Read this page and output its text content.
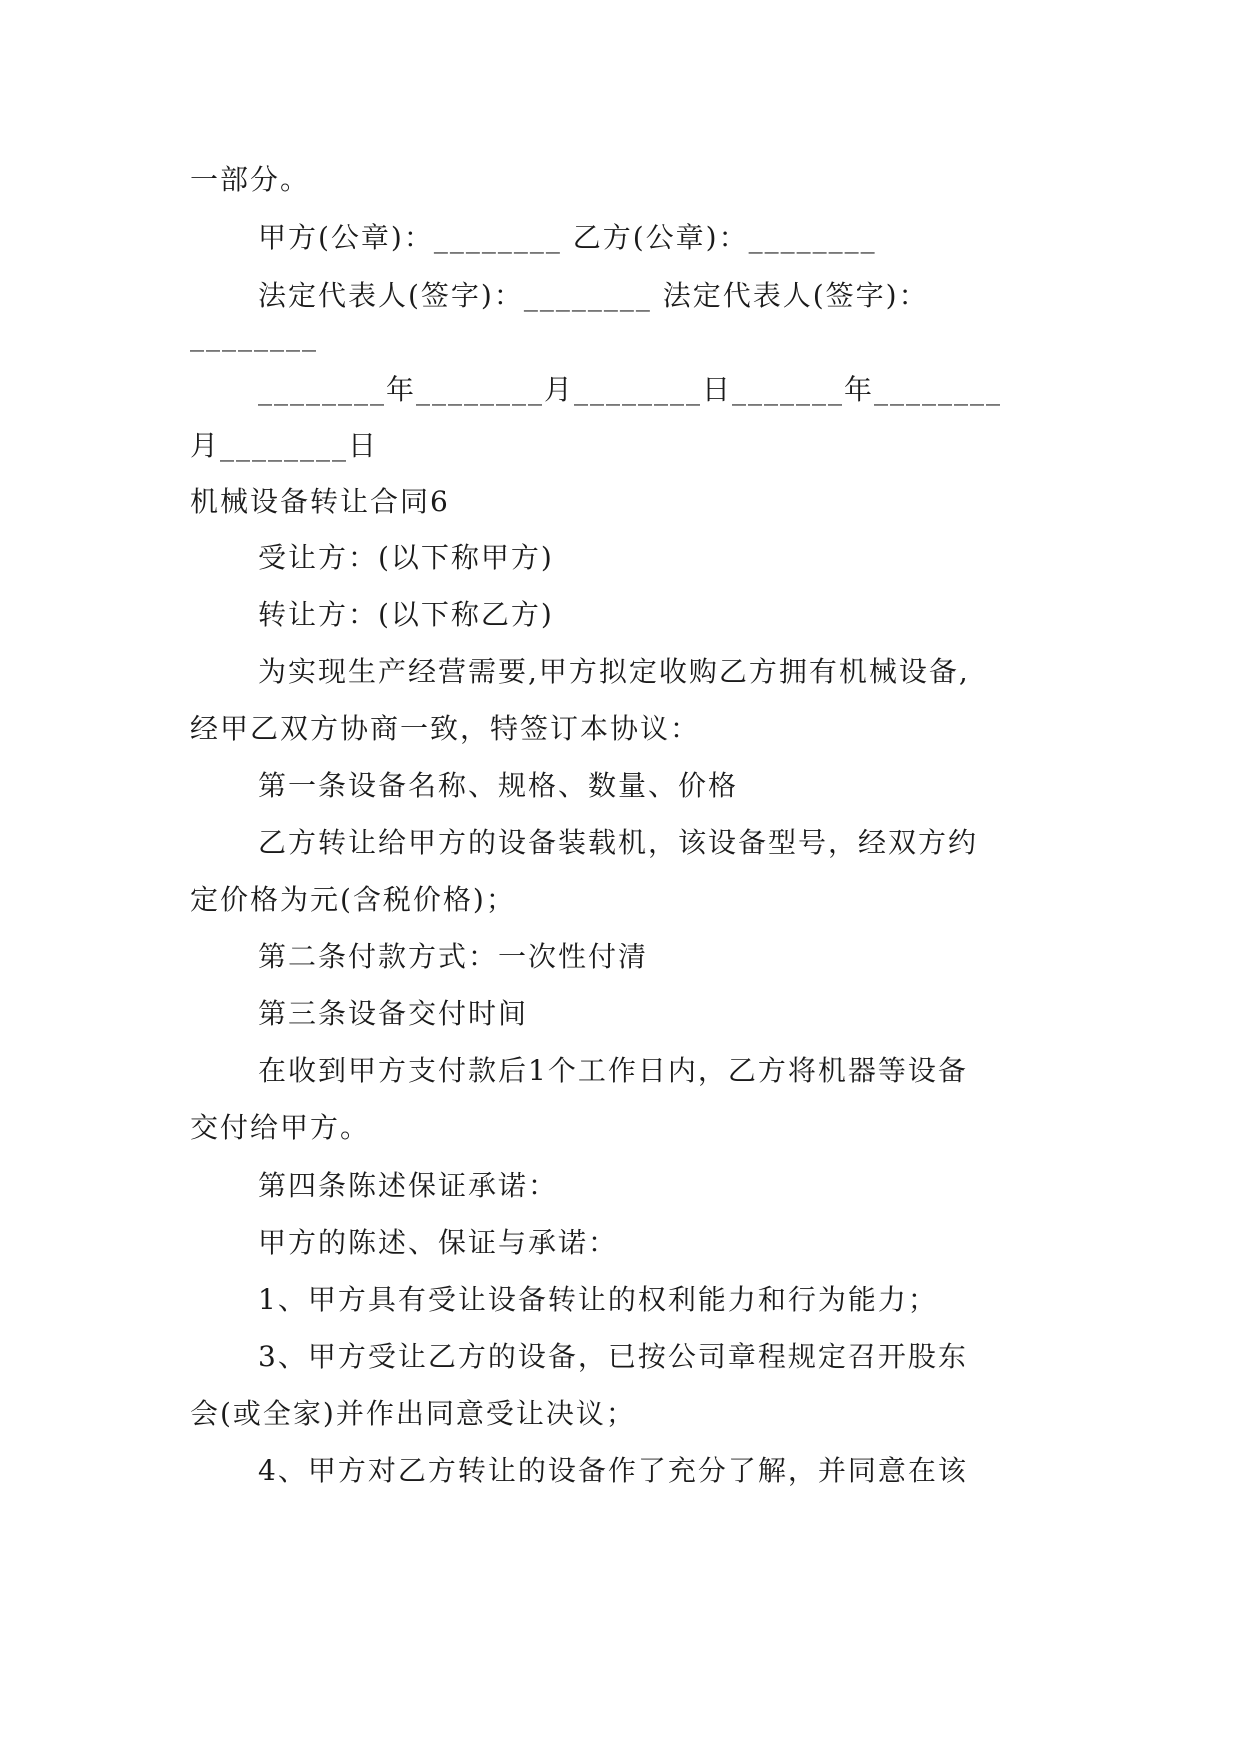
一部分。
甲方(公章)：________ 乙方(公章)：________
法定代表人(签字)：________ 法定代表人(签字)：
________
________年________月________日_______年________
月________日
机械设备转让合同6
受让方：(以下称甲方)
转让方：(以下称乙方)
为实现生产经营需要,甲方拟定收购乙方拥有机械设备,
经甲乙双方协商一致，特签订本协议：
第一条设备名称、规格、数量、价格
乙方转让给甲方的设备装载机，该设备型号，经双方约
定价格为元(含税价格)；
第二条付款方式：一次性付清
第三条设备交付时间
在收到甲方支付款后1个工作日内，乙方将机器等设备
交付给甲方。
第四条陈述保证承诺：
甲方的陈述、保证与承诺：
1、甲方具有受让设备转让的权利能力和行为能力；
3、甲方受让乙方的设备，已按公司章程规定召开股东
会(或全家)并作出同意受让决议；
4、甲方对乙方转让的设备作了充分了解，并同意在该
